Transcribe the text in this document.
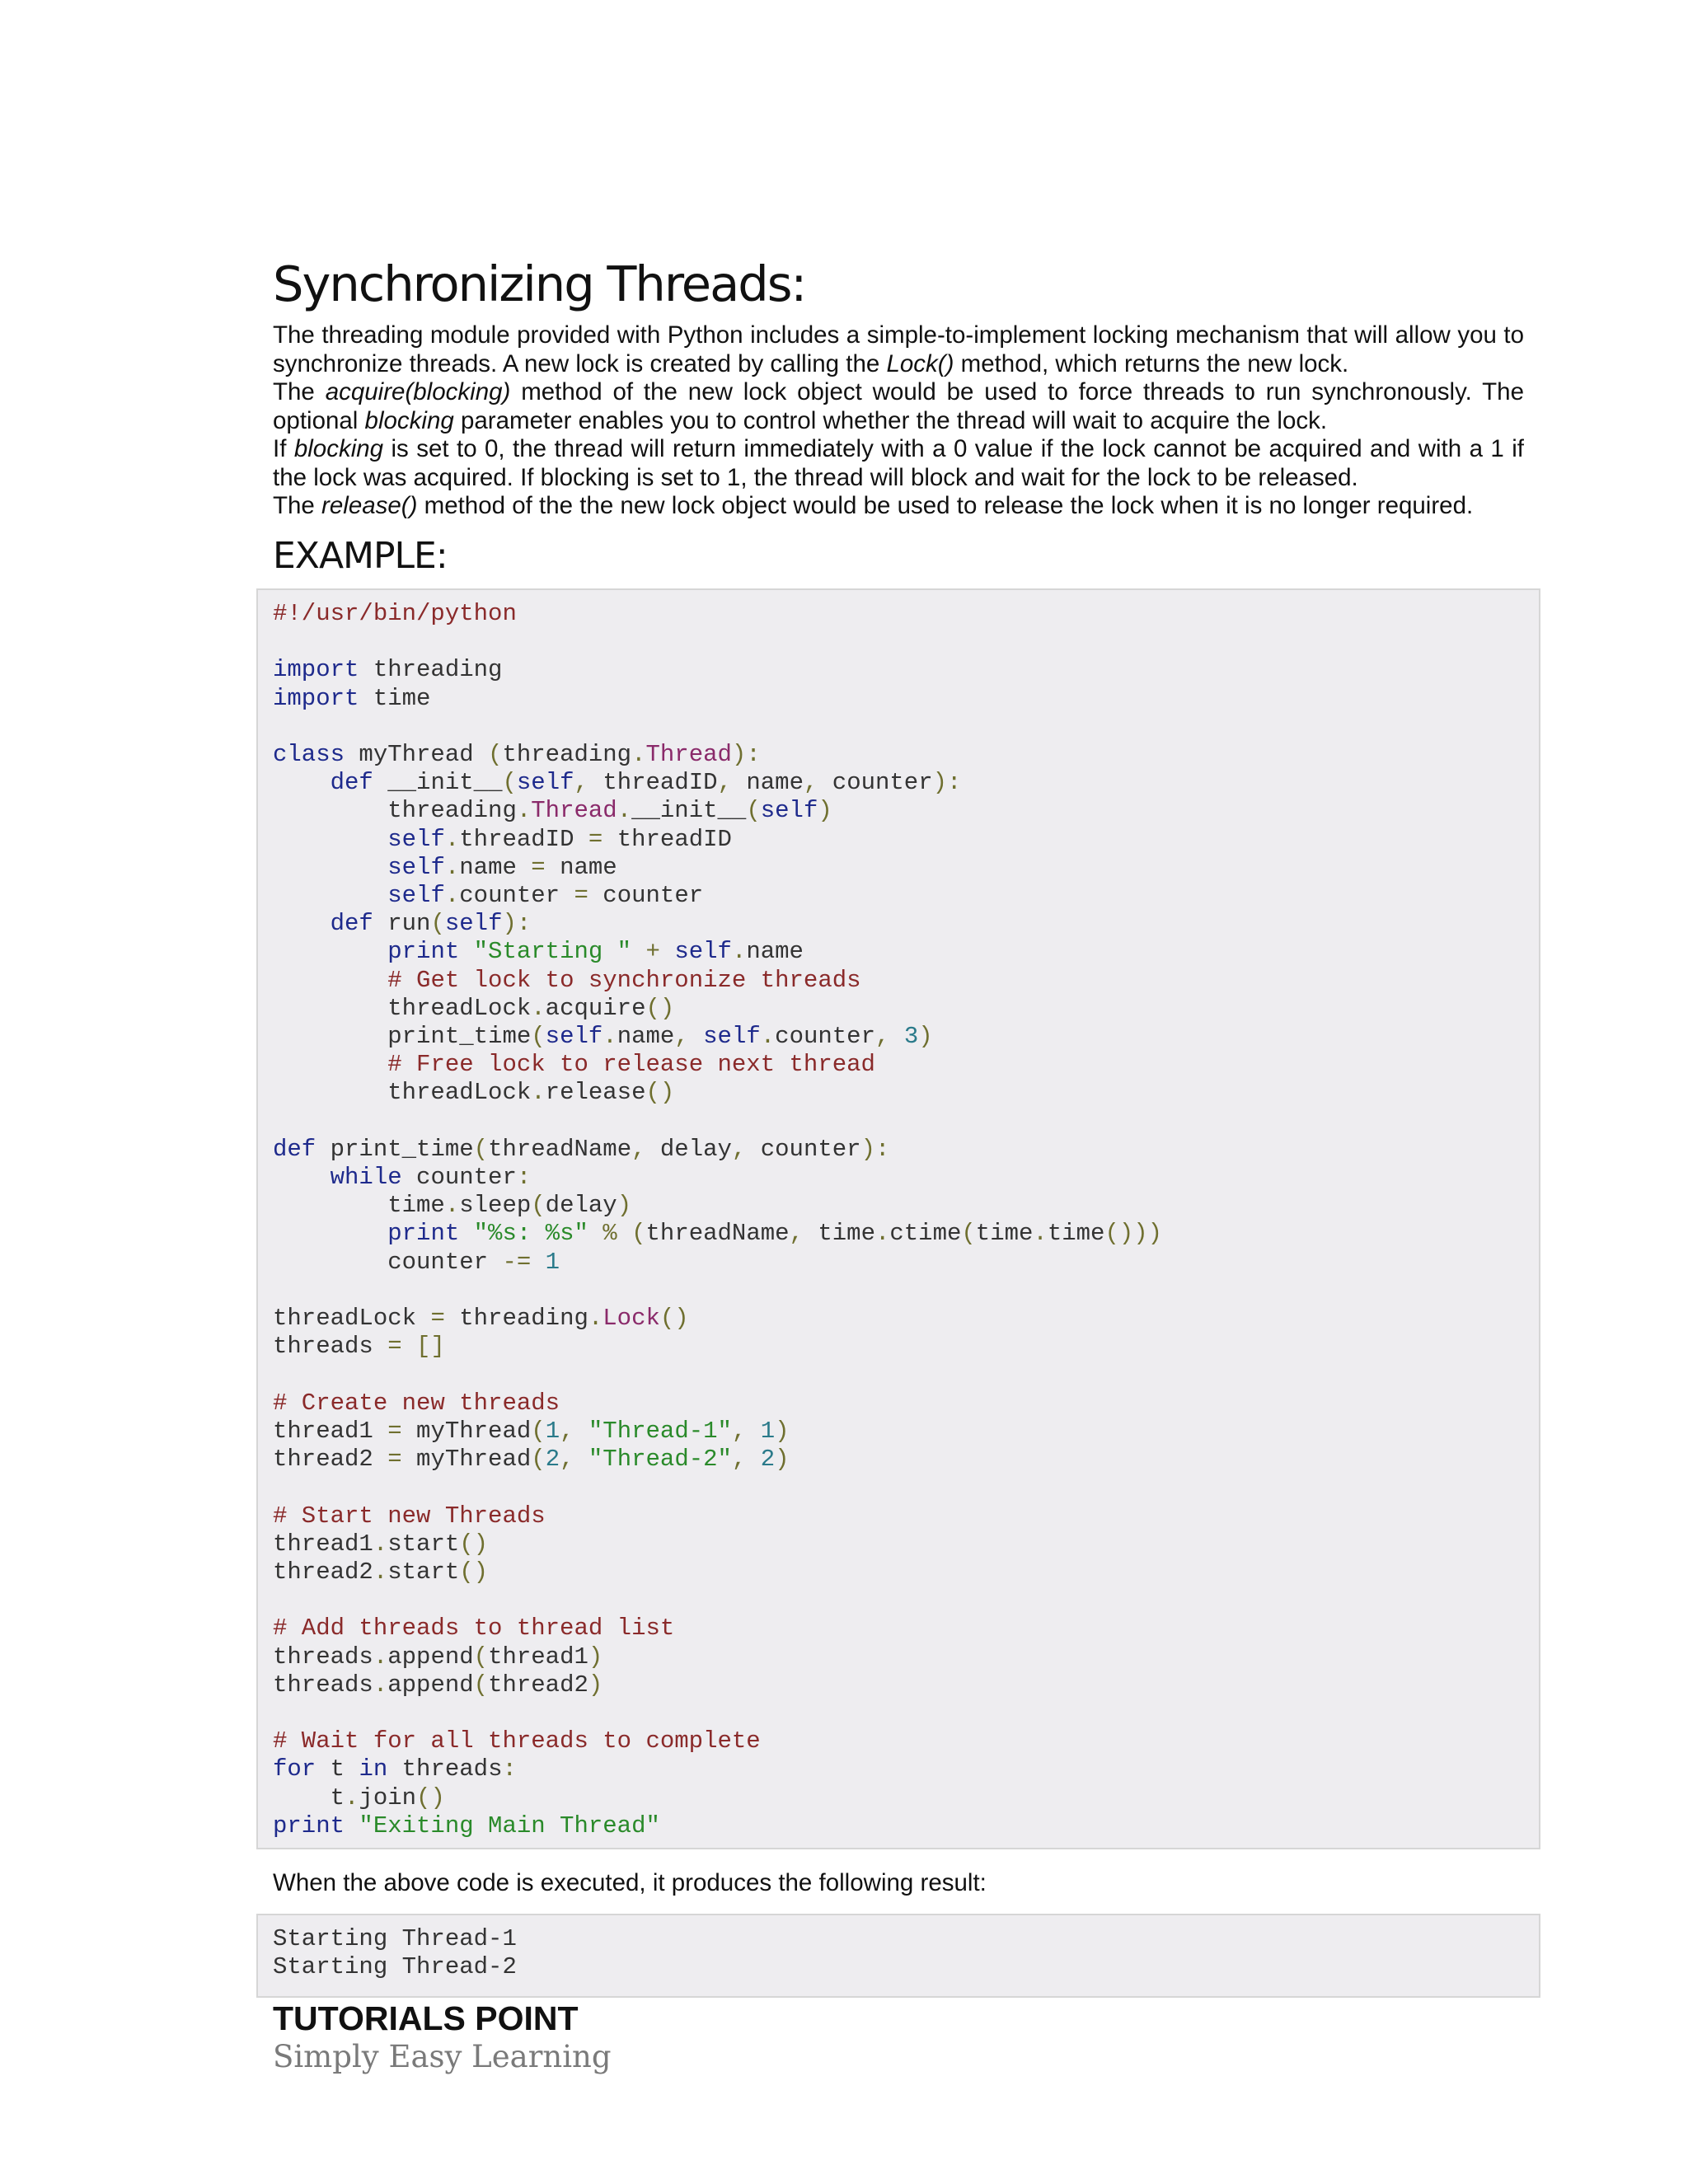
Synchronizing Threads:

The threading module provided with Python includes a simple-to-implement locking mechanism that will allow you to synchronize threads. A new lock is created by calling the Lock() method, which returns the new lock.

The acquire(blocking) method of the new lock object would be used to force threads to run synchronously. The optional blocking parameter enables you to control whether the thread will wait to acquire the lock.

If blocking is set to 0, the thread will return immediately with a 0 value if the lock cannot be acquired and with a 1 if the lock was acquired. If blocking is set to 1, the thread will block and wait for the lock to be released.

The release() method of the the new lock object would be used to release the lock when it is no longer required.

EXAMPLE:
#!/usr/bin/python

import threading
import time

class myThread (threading.Thread):
def __init__(self, threadID, name, counter):
threading.Thread.__init__(self)
self.threadID = threadID
self.name = name
self.counter = counter
def run(self):
print "Starting " + self.name
# Get lock to synchronize threads
threadLock.acquire()
print_time(self.name, self.counter, 3)
# Free lock to release next thread
threadLock.release()

def print_time(threadName, delay, counter):
while counter:
time.sleep(delay)
print "%s: %s" % (threadName, time.ctime(time.time()))
counter -= 1

threadLock = threading.Lock()
threads = []

# Create new threads
thread1 = myThread(1, "Thread-1", 1)
thread2 = myThread(2, "Thread-2", 2)

# Start new Threads
thread1.start()
thread2.start()

# Add threads to thread list
threads.append(thread1)
threads.append(thread2)

# Wait for all threads to complete
for t in threads:
t.join()
print "Exiting Main Thread"

When the above code is executed, it produces the following result:

Starting Thread-1
Starting Thread-2
TUTORIALS POINT
Simply Easy Learning
